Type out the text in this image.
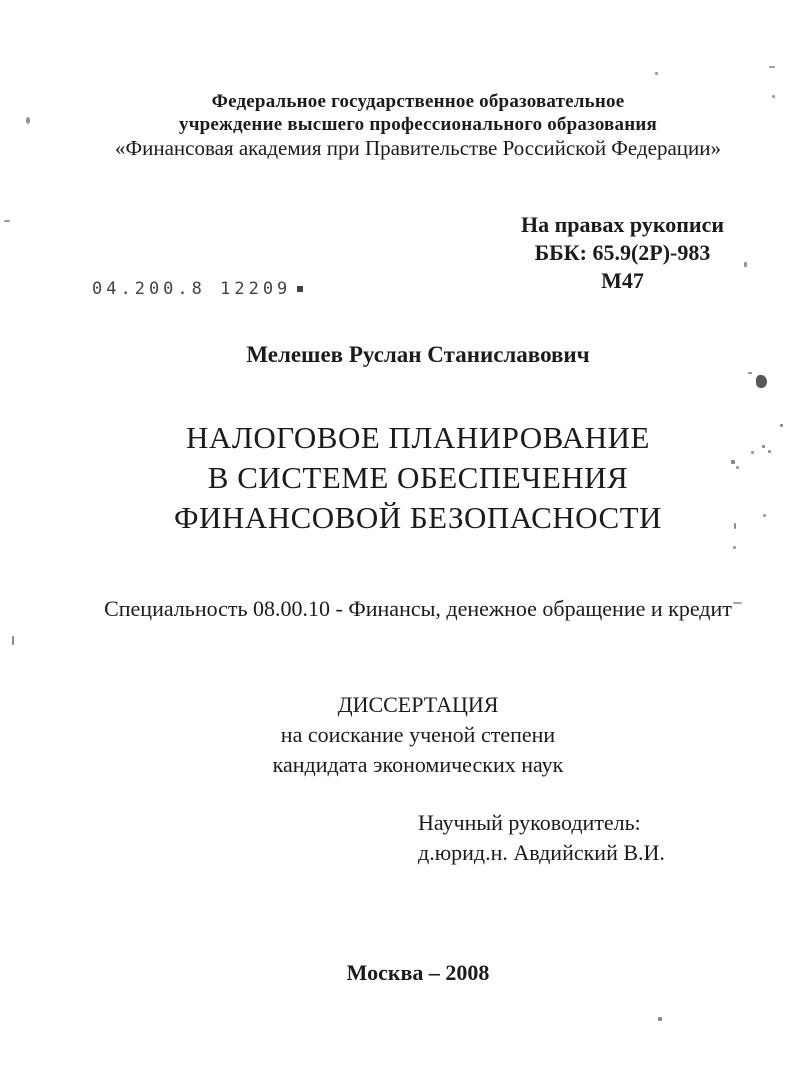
Федеральное государственное образовательное
учреждение высшего профессионального образования
«Финансовая академия при Правительстве Российской Федерации»
На правах рукописи
ББК: 65.9(2Р)-983
М47
04.200.8 12209
Мелешев Руслан Станиславович
НАЛОГОВОЕ ПЛАНИРОВАНИЕ
В СИСТЕМЕ ОБЕСПЕЧЕНИЯ
ФИНАНСОВОЙ БЕЗОПАСНОСТИ
Специальность 08.00.10 - Финансы, денежное обращение и кредит
ДИССЕРТАЦИЯ
на соискание ученой степени
кандидата экономических наук
Научный руководитель:
д.юрид.н. Авдийский В.И.
Москва – 2008
